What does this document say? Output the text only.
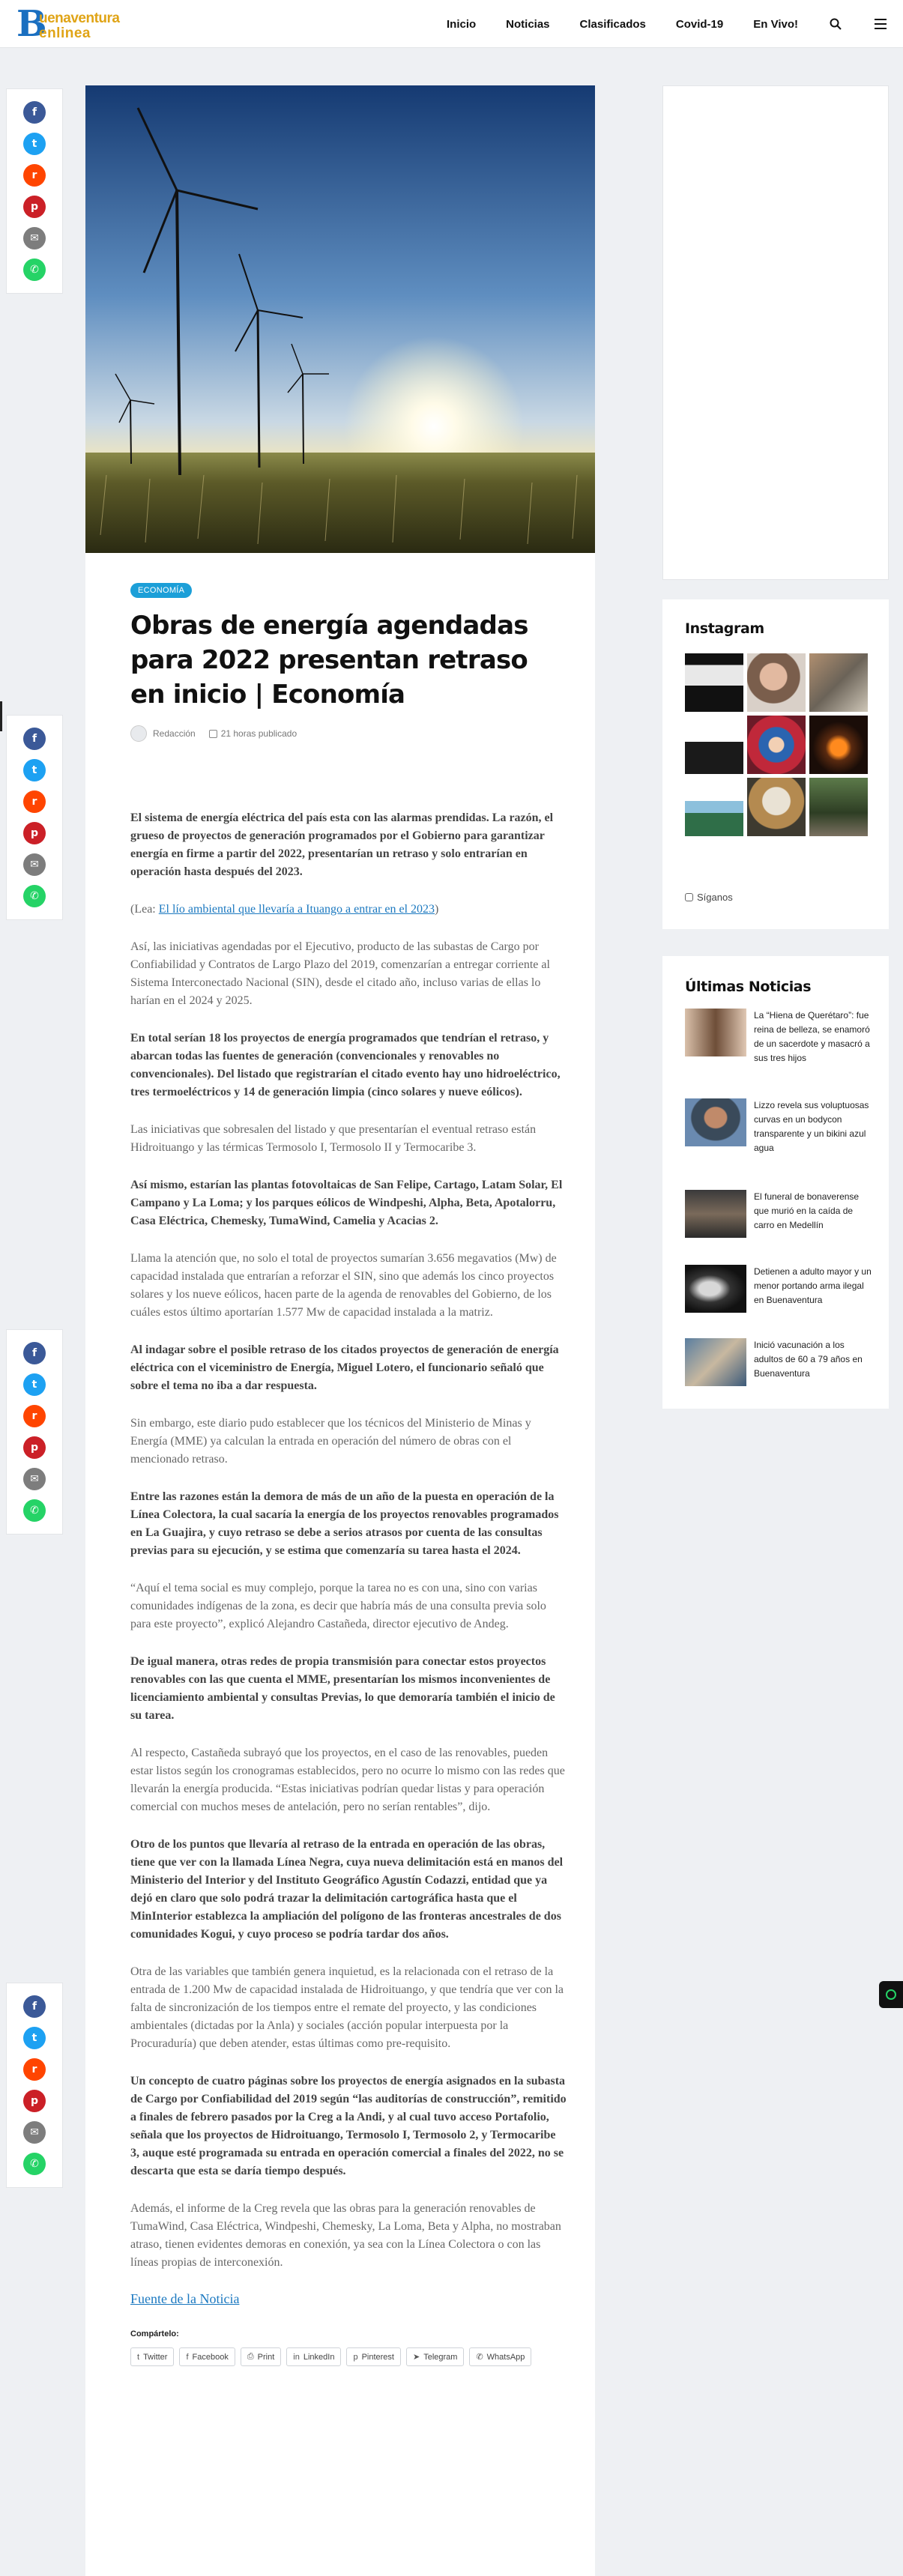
B
uenaventura
enlinea
Inicio	Noticias	Clasificados	Covid-19	En Vivo!
f
t
r
p
✉
✆
f
t
r
p
✉
✆
f
t
r
p
✉
✆
f
t
r
p
✉
✆
ECONOMÍA
Obras de energía agendadas para 2022 presentan retraso en inicio | Economía
Redacción	21 horas publicado

El sistema de energía eléctrica del país esta con las alarmas prendidas. La razón, el grueso de proyectos de generación programados por el Gobierno para garantizar energía en firme a partir del 2022, presentarían un retraso y solo entrarían en operación hasta después del 2023.

(Lea: El lío ambiental que llevaría a Ituango a entrar en el 2023)

Así, las iniciativas agendadas por el Ejecutivo, producto de las subastas de Cargo por Confiabilidad y Contratos de Largo Plazo del 2019, comenzarían a entregar corriente al Sistema Interconectado Nacional (SIN), desde el citado año, incluso varias de ellas lo harían en el 2024 y 2025.

En total serían 18 los proyectos de energía programados que tendrían el retraso, y abarcan todas las fuentes de generación (convencionales y renovables no convencionales). Del listado que registrarían el citado evento hay uno hidroeléctrico, tres termoeléctricos y 14 de generación limpia (cinco solares y nueve eólicos).

Las iniciativas que sobresalen del listado y que presentarían el eventual retraso están Hidroituango y las térmicas Termosolo I, Termosolo II y Termocaribe 3.

Así mismo, estarían las plantas fotovoltaicas de San Felipe, Cartago, Latam Solar, El Campano y La Loma; y los parques eólicos de Windpeshi, Alpha, Beta, Apotalorru, Casa Eléctrica, Chemesky, TumaWind, Camelia y Acacias 2.

Llama la atención que, no solo el total de proyectos sumarían 3.656 megavatios (Mw) de capacidad instalada que entrarían a reforzar el SIN, sino que además los cinco proyectos solares y los nueve eólicos, hacen parte de la agenda de renovables del Gobierno, de los cuáles estos último aportarían 1.577 Mw de capacidad instalada a la matriz.

Al indagar sobre el posible retraso de los citados proyectos de generación de energía eléctrica con el viceministro de Energía, Miguel Lotero, el funcionario señaló que sobre el tema no iba a dar respuesta.

Sin embargo, este diario pudo establecer que los técnicos del Ministerio de Minas y Energía (MME) ya calculan la entrada en operación del número de obras con el mencionado retraso.

Entre las razones están la demora de más de un año de la puesta en operación de la Línea Colectora, la cual sacaría la energía de los proyectos renovables programados en La Guajira, y cuyo retraso se debe a serios atrasos por cuenta de las consultas previas para su ejecución, y se estima que comenzaría su tarea hasta el 2024.

“Aquí el tema social es muy complejo, porque la tarea no es con una, sino con varias comunidades indígenas de la zona, es decir que habría más de una consulta previa solo para este proyecto”, explicó Alejandro Castañeda, director ejecutivo de Andeg.

De igual manera, otras redes de propia transmisión para conectar estos proyectos renovables con las que cuenta el MME, presentarían los mismos inconvenientes de licenciamiento ambiental y consultas Previas, lo que demoraría también el inicio de su tarea.

Al respecto, Castañeda subrayó que los proyectos, en el caso de las renovables, pueden estar listos según los cronogramas establecidos, pero no ocurre lo mismo con las redes que llevarán la energía producida. “Estas iniciativas podrían quedar listas y para operación comercial con muchos meses de antelación, pero no serían rentables”, dijo.

Otro de los puntos que llevaría al retraso de la entrada en operación de las obras, tiene que ver con la llamada Línea Negra, cuya nueva delimitación está en manos del Ministerio del Interior y del Instituto Geográfico Agustín Codazzi, entidad que ya dejó en claro que solo podrá trazar la delimitación cartográfica hasta que el MinInterior establezca la ampliación del polígono de las fronteras ancestrales de dos comunidades Kogui, y cuyo proceso se podría tardar dos años.

Otra de las variables que también genera inquietud, es la relacionada con el retraso de la entrada de 1.200 Mw de capacidad instalada de Hidroituango, y que tendría que ver con la falta de sincronización de los tiempos entre el remate del proyecto, y las condiciones ambientales (dictadas por la Anla) y sociales (acción popular interpuesta por la Procuraduría) que deben atender, estas últimas como pre-requisito.

Un concepto de cuatro páginas sobre los proyectos de energía asignados en la subasta de Cargo por Confiabilidad del 2019 según “las auditorías de construcción”, remitido a finales de febrero pasados por la Creg a la Andi, y al cual tuvo acceso Portafolio, señala que los proyectos de Hidroituango, Termosolo I, Termosolo 2, y Termocaribe 3, auque esté programada su entrada en operación comercial a finales del 2022, no se descarta que esta se daría tiempo después.

Además, el informe de la Creg revela que las obras para la generación renovables de TumaWind, Casa Eléctrica, Windpeshi, Chemesky, La Loma, Beta y Alpha, no mostraban atraso, tienen evidentes demoras en conexión, ya sea con la Línea Colectora o con las líneas propias de interconexión.

Fuente de la Noticia
Compártelo:
t Twitter f Facebook ⎙ Print in LinkedIn p Pinterest ➤ Telegram ✆ WhatsApp
Instagram
Síganos
Últimas Noticias
La “Hiena de Querétaro”: fue reina de belleza, se enamoró de un sacerdote y masacró a sus tres hijos
Lizzo revela sus voluptuosas curvas en un bodycon transparente y un bikini azul agua
El funeral de bonaverense que murió en la caída de carro en Medellín
Detienen a adulto mayor y un menor portando arma ilegal en Buenaventura
Inició vacunación a los adultos de 60 a 79 años en Buenaventura
